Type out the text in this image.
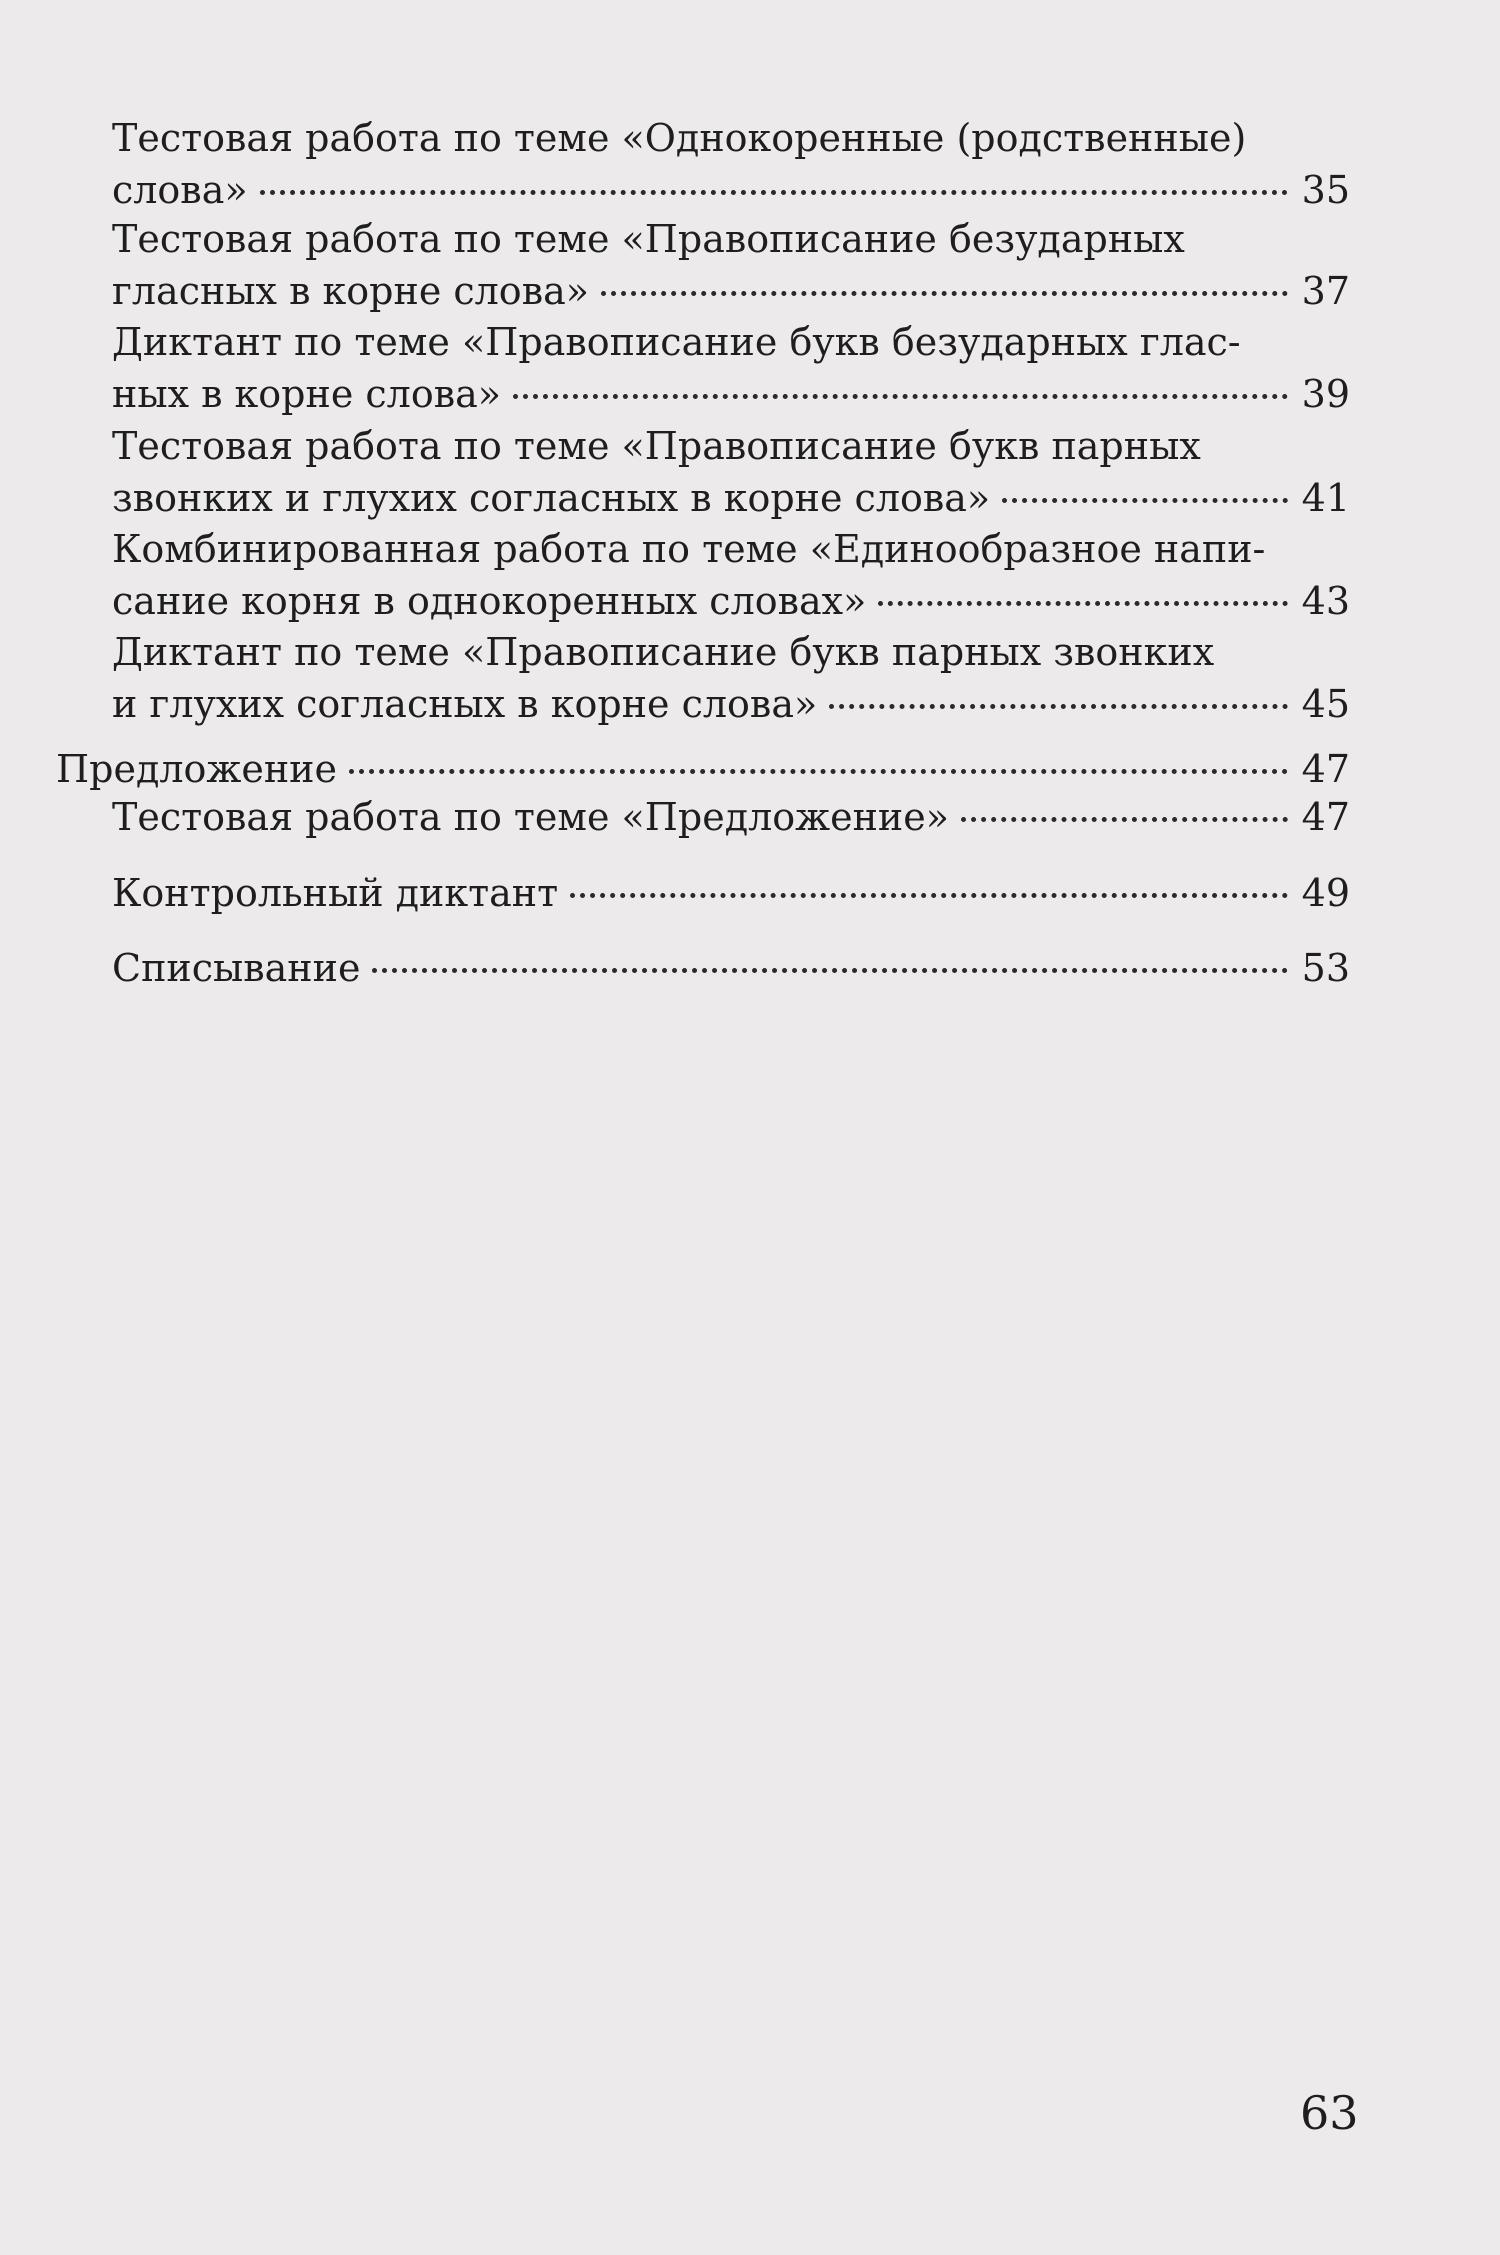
Тестовая работа по теме «Однокоренные (родственные)
слова»	35
Тестовая работа по теме «Правописание безударных
гласных в корне слова»	37
Диктант по теме «Правописание букв безударных глас-
ных в корне слова»	39
Тестовая работа по теме «Правописание букв парных
звонких и глухих согласных в корне слова»	41
Комбинированная работа по теме «Единообразное напи-
сание корня в однокоренных словах»	43
Диктант по теме «Правописание букв парных звонких
и глухих согласных в корне слова»	45
Предложение	47
Тестовая работа по теме «Предложение»	47
Контрольный диктант	49
Списывание	53
63
